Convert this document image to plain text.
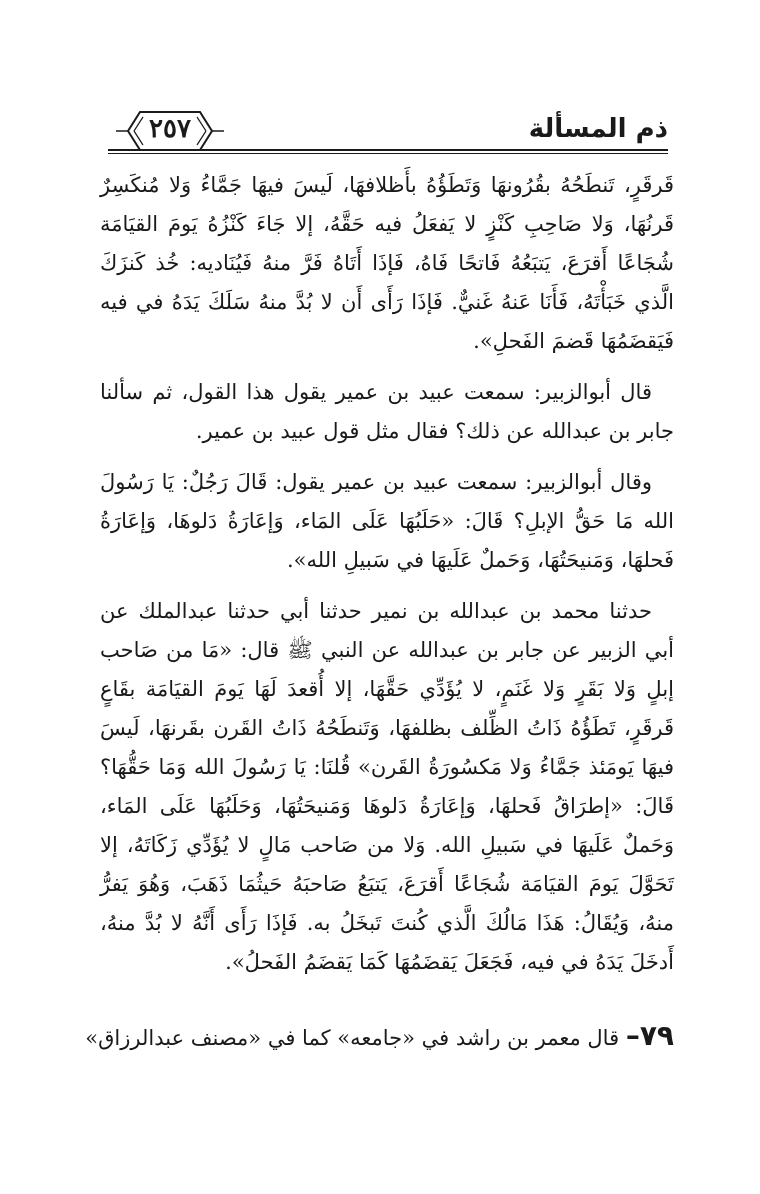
٢٥٧	ذم المسألة

قَرقَرٍ، تَنطَحُهُ بقُرُونهَا وَتَطَؤُهُ بأَظلافهَا، لَيسَ فيهَا جَمَّاءُ وَلا مُنكَسِرٌ قَرنُهَا، وَلا صَاحِبِ كَنْزٍ لا يَفعَلُ فيه حَقَّهُ، إلا جَاءَ كَنْزُهُ يَومَ القيَامَة شُجَاعًا أَقرَعَ، يَتبَعُهُ فَاتحًا فَاهُ، فَإذَا أَتَاهُ فَرَّ منهُ فَيُنَاديه: خُذ كَنزَكَ الَّذي خَبَأْتَهُ، فَأَنَا عَنهُ غَنيٌّ. فَإذَا رَأَى أَن لا بُدَّ منهُ سَلَكَ يَدَهُ في فيه فَيَقضَمُهَا قَضمَ الفَحلِ».

قال أبوالزبير: سمعت عبيد بن عمير يقول هذا القول، ثم سألنا جابر بن عبدالله عن ذلك؟ فقال مثل قول عبيد بن عمير.

وقال أبوالزبير: سمعت عبيد بن عمير يقول: قَالَ رَجُلٌ: يَا رَسُولَ الله مَا حَقُّ الإبلِ؟ قَالَ: «حَلَبُهَا عَلَى المَاء، وَإعَارَةُ دَلوهَا، وَإعَارَةُ فَحلهَا، وَمَنيحَتُهَا، وَحَملٌ عَلَيهَا في سَبيلِ الله».

حدثنا محمد بن عبدالله بن نمير حدثنا أبي حدثنا عبدالملك عن أبي الزبير عن جابر بن عبدالله عن النبي ﷺ قال: «مَا من صَاحب إبلٍ وَلا بَقَرٍ وَلا غَنَمٍ، لا يُؤَدِّي حَقَّهَا، إلا أُقعدَ لَهَا يَومَ القيَامَة بقَاعٍ قَرقَرٍ، تَطَؤُهُ ذَاتُ الظِّلف بظلفهَا، وَتَنطَحُهُ ذَاتُ القَرن بقَرنهَا، لَيسَ فيهَا يَومَئذ جَمَّاءُ وَلا مَكسُورَةُ القَرن» قُلنَا: يَا رَسُولَ الله وَمَا حَقُّهَا؟ قَالَ: «إطرَاقُ فَحلهَا، وَإعَارَةُ دَلوهَا وَمَنيحَتُهَا، وَحَلَبُهَا عَلَى المَاء، وَحَملٌ عَلَيهَا في سَبيلِ الله. وَلا من صَاحب مَالٍ لا يُؤَدِّي زَكَاتَهُ، إلا تَحَوَّلَ يَومَ القيَامَة شُجَاعًا أَقرَعَ، يَتبَعُ صَاحبَهُ حَيثُمَا ذَهَبَ، وَهُوَ يَفرُّ منهُ، وَيُقَالُ: هَذَا مَالُكَ الَّذي كُنتَ تَبخَلُ به. فَإذَا رَأَى أَنَّهُ لا بُدَّ منهُ، أَدخَلَ يَدَهُ في فيه، فَجَعَلَ يَقضَمُهَا كَمَا يَقضَمُ الفَحلُ».

٧٩– قال معمر بن راشد في «جامعه» كما في «مصنف عبدالرزاق»
